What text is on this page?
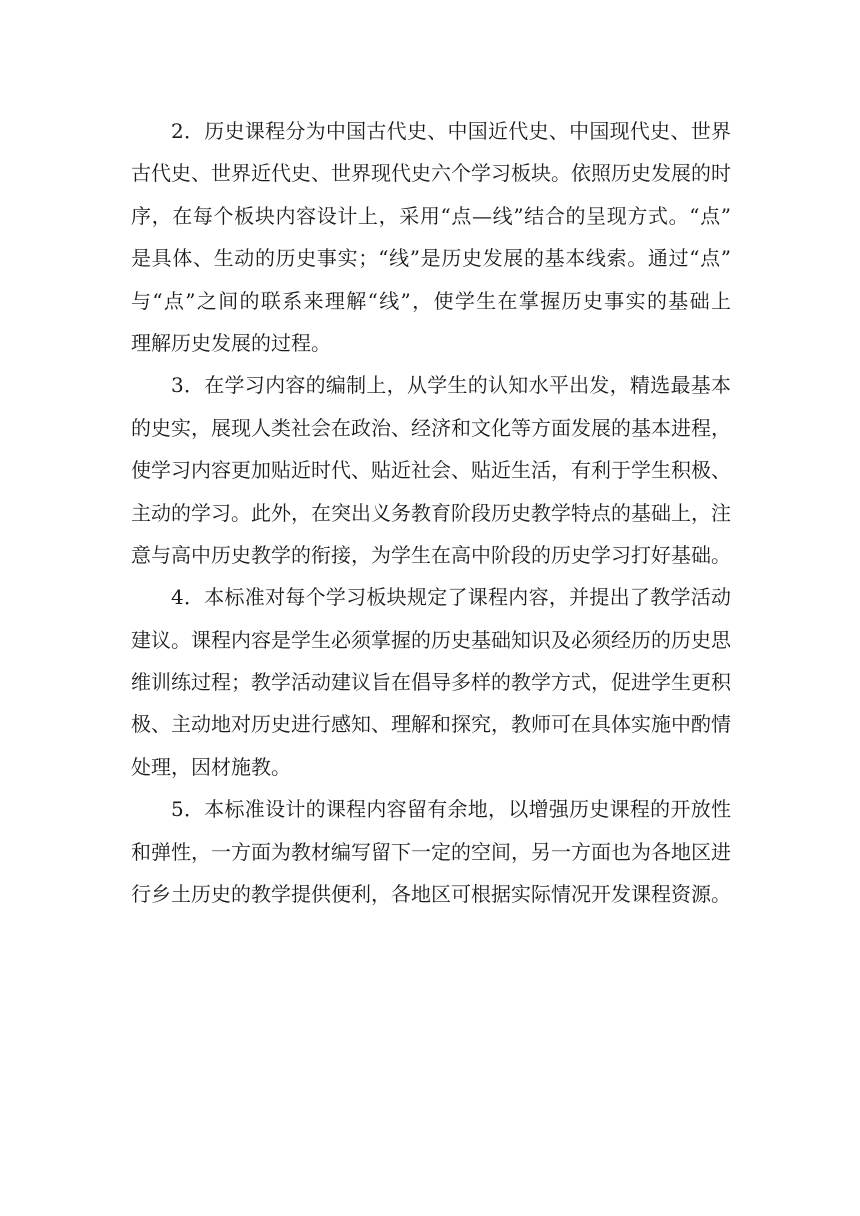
2．历史课程分为中国古代史、中国近代史、中国现代史、世界
古代史、世界近代史、世界现代史六个学习板块。依照历史发展的时
序，在每个板块内容设计上，采用“点—线”结合的呈现方式。“点”
是具体、生动的历史事实；“线”是历史发展的基本线索。通过“点”
与“点”之间的联系来理解“线”，使学生在掌握历史事实的基础上
理解历史发展的过程。
3．在学习内容的编制上，从学生的认知水平出发，精选最基本
的史实，展现人类社会在政治、经济和文化等方面发展的基本进程，
使学习内容更加贴近时代、贴近社会、贴近生活，有利于学生积极、
主动的学习。此外，在突出义务教育阶段历史教学特点的基础上，注
意与高中历史教学的衔接，为学生在高中阶段的历史学习打好基础。
4．本标准对每个学习板块规定了课程内容，并提出了教学活动
建议。课程内容是学生必须掌握的历史基础知识及必须经历的历史思
维训练过程；教学活动建议旨在倡导多样的教学方式，促进学生更积
极、主动地对历史进行感知、理解和探究，教师可在具体实施中酌情
处理，因材施教。
5．本标准设计的课程内容留有余地，以增强历史课程的开放性
和弹性，一方面为教材编写留下一定的空间，另一方面也为各地区进
行乡土历史的教学提供便利，各地区可根据实际情况开发课程资源。
